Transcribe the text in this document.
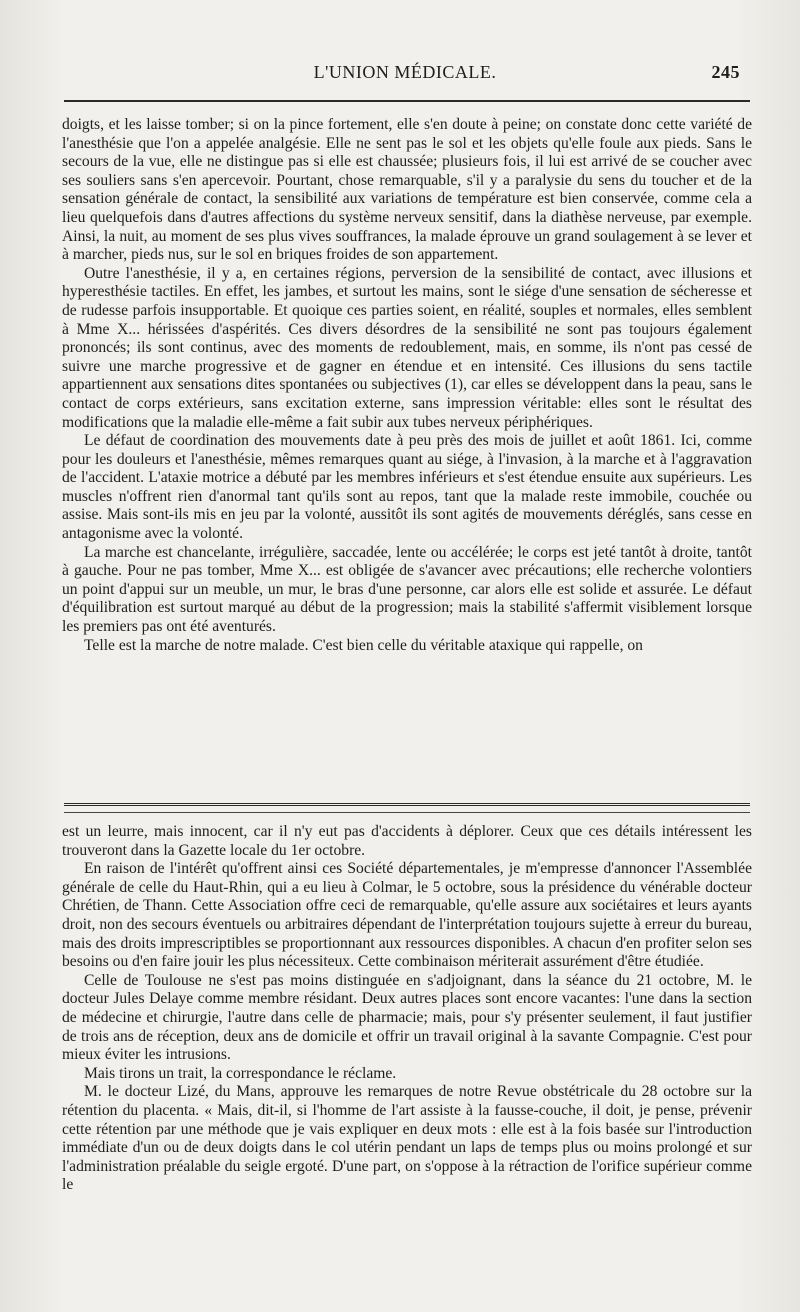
L'UNION MÉDICALE.	245

doigts, et les laisse tomber; si on la pince fortement, elle s'en doute à peine; on constate donc cette variété de l'anesthésie que l'on a appelée analgésie. Elle ne sent pas le sol et les objets qu'elle foule aux pieds. Sans le secours de la vue, elle ne distingue pas si elle est chaussée; plusieurs fois, il lui est arrivé de se coucher avec ses souliers sans s'en apercevoir. Pourtant, chose remarquable, s'il y a paralysie du sens du toucher et de la sensation générale de contact, la sensibilité aux variations de température est bien conservée, comme cela a lieu quelquefois dans d'autres affections du système nerveux sensitif, dans la diathèse nerveuse, par exemple. Ainsi, la nuit, au moment de ses plus vives souffrances, la malade éprouve un grand soulagement à se lever et à marcher, pieds nus, sur le sol en briques froides de son appartement.

Outre l'anesthésie, il y a, en certaines régions, perversion de la sensibilité de contact, avec illusions et hyperesthésie tactiles. En effet, les jambes, et surtout les mains, sont le siége d'une sensation de sécheresse et de rudesse parfois insupportable. Et quoique ces parties soient, en réalité, souples et normales, elles semblent à Mme X... hérissées d'aspérités. Ces divers désordres de la sensibilité ne sont pas toujours également prononcés; ils sont continus, avec des moments de redoublement, mais, en somme, ils n'ont pas cessé de suivre une marche progressive et de gagner en étendue et en intensité. Ces illusions du sens tactile appartiennent aux sensations dites spontanées ou subjectives (1), car elles se développent dans la peau, sans le contact de corps extérieurs, sans excitation externe, sans impression véritable: elles sont le résultat des modifications que la maladie elle-même a fait subir aux tubes nerveux périphériques.

Le défaut de coordination des mouvements date à peu près des mois de juillet et août 1861. Ici, comme pour les douleurs et l'anesthésie, mêmes remarques quant au siége, à l'invasion, à la marche et à l'aggravation de l'accident. L'ataxie motrice a débuté par les membres inférieurs et s'est étendue ensuite aux supérieurs. Les muscles n'offrent rien d'anormal tant qu'ils sont au repos, tant que la malade reste immobile, couchée ou assise. Mais sont-ils mis en jeu par la volonté, aussitôt ils sont agités de mouvements déréglés, sans cesse en antagonisme avec la volonté.

La marche est chancelante, irrégulière, saccadée, lente ou accélérée; le corps est jeté tantôt à droite, tantôt à gauche. Pour ne pas tomber, Mme X... est obligée de s'avancer avec précautions; elle recherche volontiers un point d'appui sur un meuble, un mur, le bras d'une personne, car alors elle est solide et assurée. Le défaut d'équilibration est surtout marqué au début de la progression; mais la stabilité s'affermit visiblement lorsque les premiers pas ont été aventurés.

Telle est la marche de notre malade. C'est bien celle du véritable ataxique qui rappelle, on

est un leurre, mais innocent, car il n'y eut pas d'accidents à déplorer. Ceux que ces détails intéressent les trouveront dans la Gazette locale du 1er octobre.

En raison de l'intérêt qu'offrent ainsi ces Société départementales, je m'empresse d'annoncer l'Assemblée générale de celle du Haut-Rhin, qui a eu lieu à Colmar, le 5 octobre, sous la présidence du vénérable docteur Chrétien, de Thann. Cette Association offre ceci de remarquable, qu'elle assure aux sociétaires et leurs ayants droit, non des secours éventuels ou arbitraires dépendant de l'interprétation toujours sujette à erreur du bureau, mais des droits imprescriptibles se proportionnant aux ressources disponibles. A chacun d'en profiter selon ses besoins ou d'en faire jouir les plus nécessiteux. Cette combinaison mériterait assurément d'être étudiée.

Celle de Toulouse ne s'est pas moins distinguée en s'adjoignant, dans la séance du 21 octobre, M. le docteur Jules Delaye comme membre résidant. Deux autres places sont encore vacantes: l'une dans la section de médecine et chirurgie, l'autre dans celle de pharmacie; mais, pour s'y présenter seulement, il faut justifier de trois ans de réception, deux ans de domicile et offrir un travail original à la savante Compagnie. C'est pour mieux éviter les intrusions.

Mais tirons un trait, la correspondance le réclame.

M. le docteur Lizé, du Mans, approuve les remarques de notre Revue obstétricale du 28 octobre sur la rétention du placenta. « Mais, dit-il, si l'homme de l'art assiste à la fausse-couche, il doit, je pense, prévenir cette rétention par une méthode que je vais expliquer en deux mots : elle est à la fois basée sur l'introduction immédiate d'un ou de deux doigts dans le col utérin pendant un laps de temps plus ou moins prolongé et sur l'administration préalable du seigle ergoté. D'une part, on s'oppose à la rétraction de l'orifice supérieur comme le
